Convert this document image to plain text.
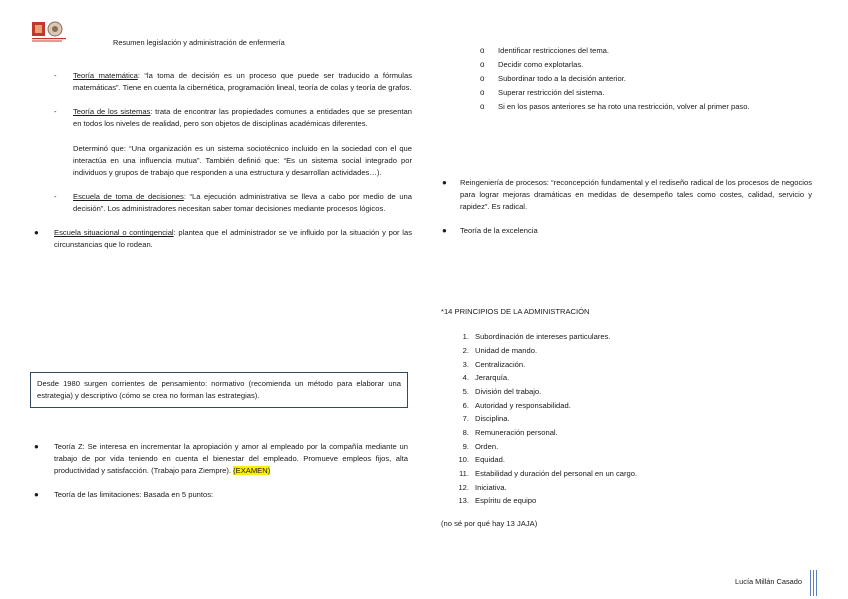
Resumen legislación y administración de enfermería
- Teoría matemática: “la toma de decisión es un proceso que puede ser traducido a fórmulas matemáticas”. Tiene en cuenta la cibernética, programación lineal, teoría de colas y teoría de grafos.

- Teoría de los sistemas: trata de encontrar las propiedades comunes a entidades que se presentan en todos los niveles de realidad, pero son objetos de disciplinas académicas diferentes.

Determinó que: “Una organización es un sistema sociotécnico incluido en la sociedad con el que interactúa en una influencia mutua”. También definió que: “Es un sistema social integrado por individuos y grupos de trabajo que responden a una estructura y desarrollan actividades…).

- Escuela de toma de decisiones: “La ejecución administrativa se lleva a cabo por medio de una decisión”. Los administradores necesitan saber tomar decisiones mediante procesos lógicos.

● Escuela situacional o contingencial: plantea que el administrador se ve influido por la situación y por las circunstancias que lo rodean.

Desde 1980 surgen corrientes de pensamiento: normativo (recomienda un método para elaborar una estrategia) y descriptivo (cómo se crea no forman las estrategias).

● Teoría Z: Se interesa en incrementar la apropiación y amor al empleado por la compañía mediante un trabajo de por vida teniendo en cuenta el bienestar del empleado. Promueve empleos fijos, alta productividad y satisfacción. (Trabajo para Ziempre). (EXAMEN)

● Teoría de las limitaciones: Basada en 5 puntos:

o Identificar restricciones del tema.
o Decidir como explotarlas.
o Subordinar todo a la decisión anterior.
o Superar restricción del sistema.
o Si en los pasos anteriores se ha roto una restricción, volver al primer paso.
● Reingeniería de procesos: “reconcepción fundamental y el rediseño radical de los procesos de negocios para lograr mejoras dramáticas en medidas de desempeño tales como costes, calidad, servicio y rapidez”. Es radical.

● Teoría de la excelencia

*14 PRINCIPIOS DE LA ADMINISTRACIÓN

1. Subordinación de intereses particulares.
2. Unidad de mando.
3. Centralización.
4. Jerarquía.
5. División del trabajo.
6. Autoridad y responsabilidad.
7. Disciplina.
8. Remuneración personal.
9. Orden.
10. Equidad.
11. Estabilidad y duración del personal en un cargo.
12. Iniciativa.
13. Espíritu de equipo

(no sé por qué hay 13 JAJA)

Lucía Millán Casado
